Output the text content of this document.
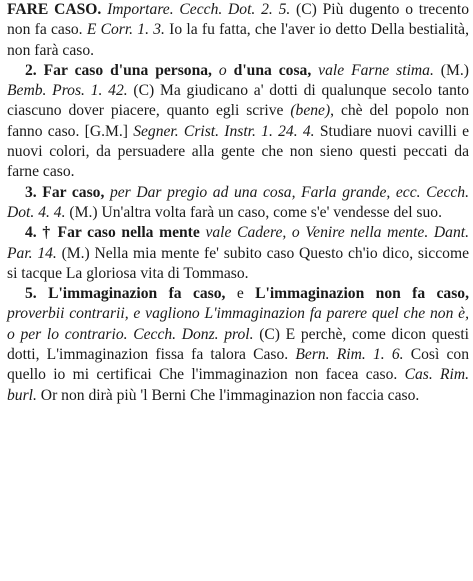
FARE CASO. Importare. Cecch. Dot. 2. 5. (C) Più dugento o trecento non fa caso. E Corr. 1. 3. Io la fu fatta, che l'aver io detto Della bestialità, non farà caso.

2. Far caso d'una persona, o d'una cosa, vale Farne stima. (M.) Bemb. Pros. 1. 42. (C) Ma giudicano a' dotti di qualunque secolo tanto ciascuno dover piacere, quanto egli scrive (bene), chè del popolo non fanno caso. [G.M.] Segner. Crist. Instr. 1. 24. 4. Studiare nuovi cavilli e nuovi colori, da persuadere alla gente che non sieno questi peccati da farne caso.

3. Far caso, per Dar pregio ad una cosa, Farla grande, ecc. Cecch. Dot. 4. 4. (M.) Un'altra volta farà un caso, come s'e' vendesse del suo.

4. † Far caso nella mente vale Cadere, o Venire nella mente. Dant. Par. 14. (M.) Nella mia mente fe' subito caso Questo ch'io dico, siccome si tacque La gloriosa vita di Tommaso.

5. L'immaginazion fa caso, e L'immaginazion non fa caso, proverbii contrarii, e vagliono L'immaginazion fa parere quel che non è, o per lo contrario. Cecch. Donz. prol. (C) E perchè, come dicon questi dotti, L'immaginazion fissa fa talora Caso. Bern. Rim. 1. 6. Così con quello io mi certificai Che l'immaginazion non facea caso. Cas. Rim. burl. Or non dirà più 'l Berni Che l'immaginazion non faccia caso.
